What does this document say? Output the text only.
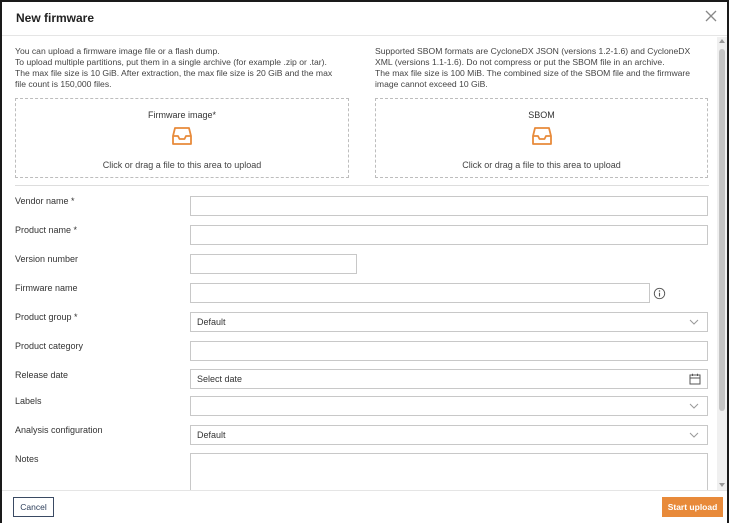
New firmware
You can upload a firmware image file or a flash dump.
To upload multiple partitions, put them in a single archive (for example .zip or .tar).
The max file size is 10 GiB. After extraction, the max file size is 20 GiB and the max
file count is 150,000 files.
Supported SBOM formats are CycloneDX JSON (versions 1.2-1.6) and CycloneDX
XML (versions 1.1-1.6). Do not compress or put the SBOM file in an archive.
The max file size is 100 MiB. The combined size of the SBOM file and the firmware
image cannot exceed 10 GiB.
Firmware image*
Click or drag a file to this area to upload
SBOM
Click or drag a file to this area to upload
Vendor name *
Product name *
Version number
Firmware name
Product group *	Default
Product category
Release date	Select date
Labels
Analysis configuration	Default
Notes
Cancel	Start upload
